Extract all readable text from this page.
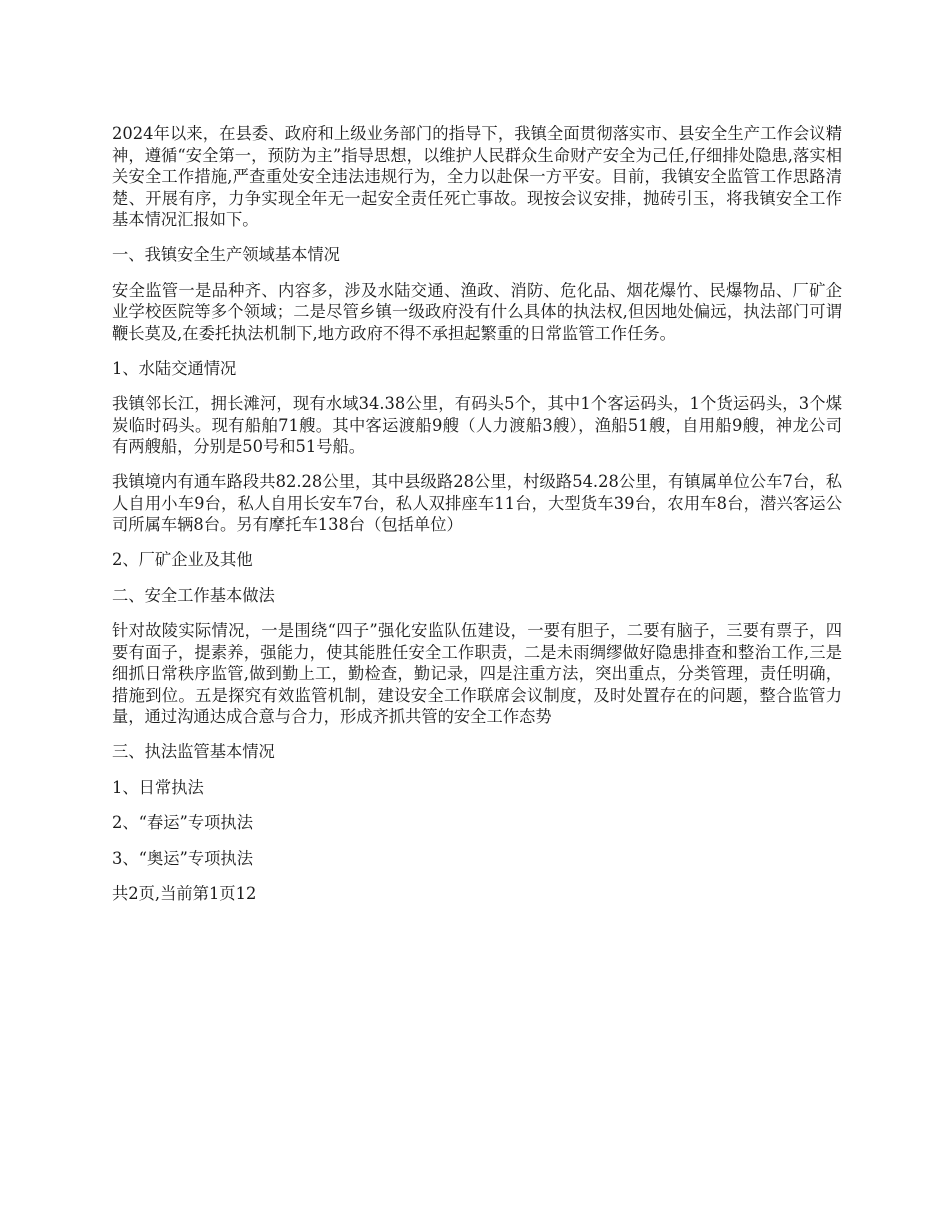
2024年以来，在县委、政府和上级业务部门的指导下，我镇全面贯彻落实市、县安全生产工作会议精神，遵循“安全第一，预防为主”指导思想，以维护人民群众生命财产安全为己任,仔细排处隐患,落实相关安全工作措施,严查重处安全违法违规行为，全力以赴保一方平安。目前，我镇安全监管工作思路清楚、开展有序，力争实现全年无一起安全责任死亡事故。现按会议安排，抛砖引玉，将我镇安全工作基本情况汇报如下。

一、我镇安全生产领域基本情况

安全监管一是品种齐、内容多，涉及水陆交通、渔政、消防、危化品、烟花爆竹、民爆物品、厂矿企业学校医院等多个领域；二是尽管乡镇一级政府没有什么具体的执法权,但因地处偏远，执法部门可谓鞭长莫及,在委托执法机制下,地方政府不得不承担起繁重的日常监管工作任务。

1、水陆交通情况

我镇邻长江，拥长滩河，现有水域34.38公里，有码头5个，其中1个客运码头，1个货运码头，3个煤炭临时码头。现有船舶71艘。其中客运渡船9艘（人力渡船3艘），渔船51艘，自用船9艘，神龙公司有两艘船，分别是50号和51号船。

我镇境内有通车路段共82.28公里，其中县级路28公里，村级路54.28公里，有镇属单位公车7台，私人自用小车9台，私人自用长安车7台，私人双排座车11台，大型货车39台，农用车8台，潜兴客运公司所属车辆8台。另有摩托车138台（包括单位）

2、厂矿企业及其他

二、安全工作基本做法

针对故陵实际情况，一是围绕“四子”强化安监队伍建设，一要有胆子，二要有脑子，三要有票子，四要有面子，提素养，强能力，使其能胜任安全工作职责，二是未雨绸缪做好隐患排查和整治工作,三是细抓日常秩序监管,做到勤上工，勤检查，勤记录，四是注重方法，突出重点，分类管理，责任明确，措施到位。五是探究有效监管机制，建设安全工作联席会议制度，及时处置存在的问题，整合监管力量，通过沟通达成合意与合力，形成齐抓共管的安全工作态势

三、执法监管基本情况

1、日常执法

2、“春运”专项执法

3、“奥运”专项执法

共2页,当前第1页12
